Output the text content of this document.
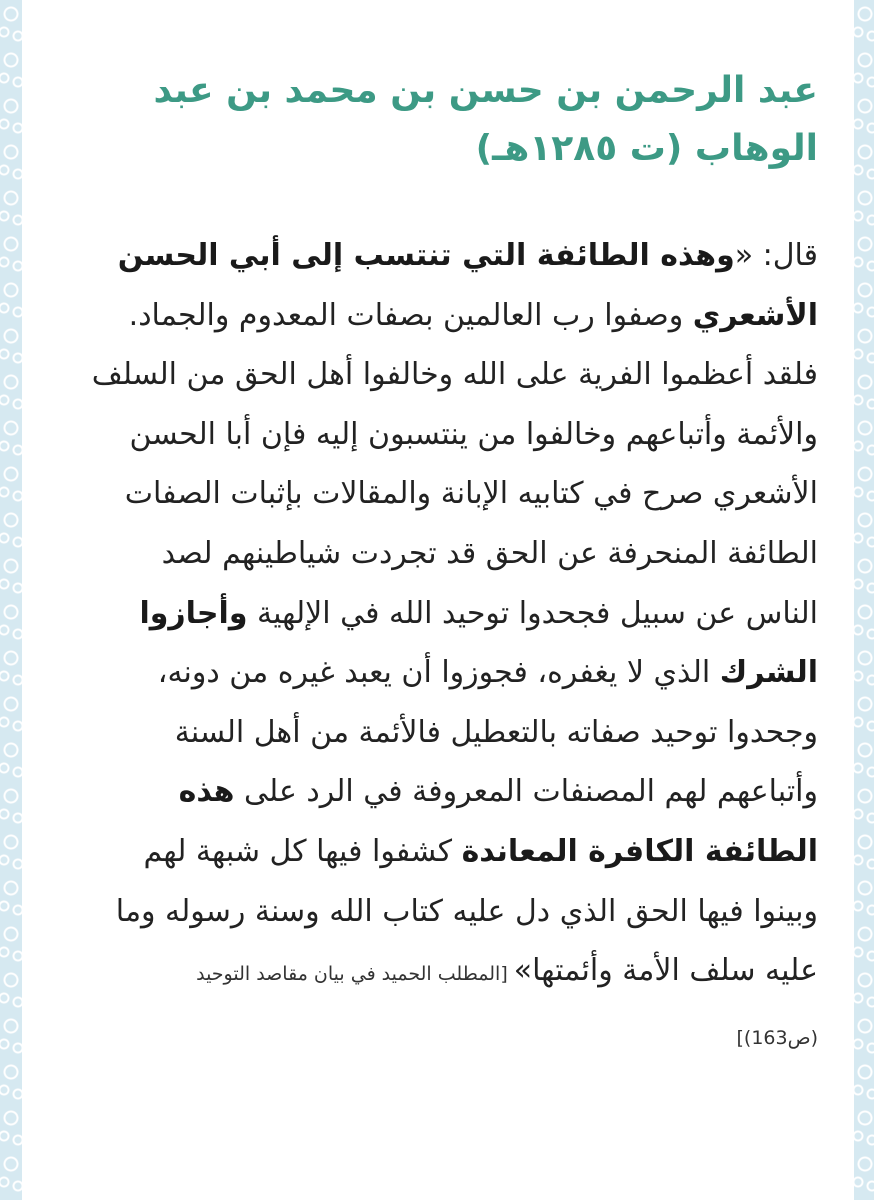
عبد الرحمن بن حسن بن محمد بن عبد الوهاب (ت ١٢٨٥هـ)

قال: «وهذه الطائفة التي تنتسب إلى أبي الحسن الأشعري وصفوا رب العالمين بصفات المعدوم والجماد. فلقد أعظموا الفرية على الله وخالفوا أهل الحق من السلف والأئمة وأتباعهم وخالفوا من ينتسبون إليه فإن أبا الحسن الأشعري صرح في كتابيه الإبانة والمقالات بإثبات الصفات الطائفة المنحرفة عن الحق قد تجردت شياطينهم لصد الناس عن سبيل فجحدوا توحيد الله في الإلهية وأجازوا الشرك الذي لا يغفره، فجوزوا أن يعبد غيره من دونه، وجحدوا توحيد صفاته بالتعطيل فالأئمة من أهل السنة وأتباعهم لهم المصنفات المعروفة في الرد على هذه الطائفة الكافرة المعاندة كشفوا فيها كل شبهة لهم وبينوا فيها الحق الذي دل عليه كتاب الله وسنة رسوله وما عليه سلف الأمة وأئمتها» [المطلب الحميد في بيان مقاصد التوحيد

(ص163)]
